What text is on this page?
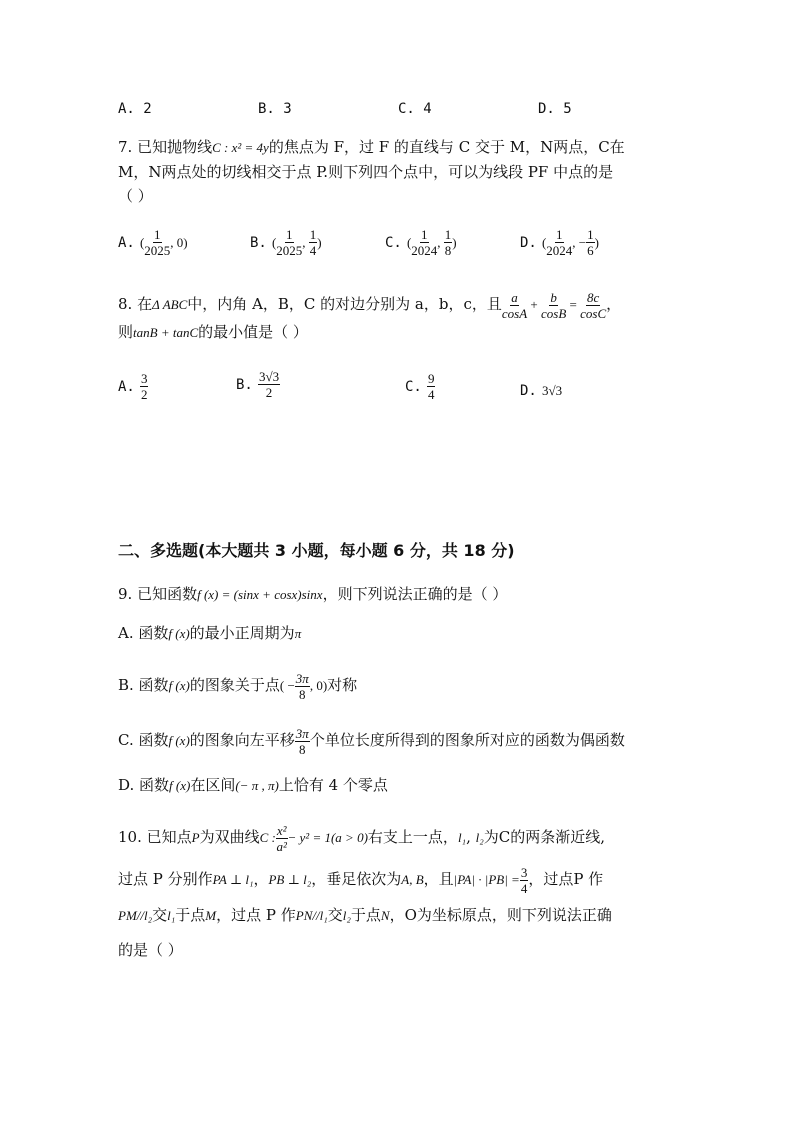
A. 2	B. 3	C. 4	D. 5
7. 已知抛物线C : x² = 4y的焦点为 F，过 F 的直线与 C 交于 M，N两点，C在
M，N两点处的切线相交于点 P.则下列四个点中，可以为线段 PF 中点的是
（ ）
A. ( $\frac{1}{2025}$ , 0)	B. ( $\frac{1}{2025}$ , $\frac{1}{4}$ )	C. ( $\frac{1}{2024}$ , $\frac{1}{8}$ )	D. ( $\frac{1}{2024}$ , − $\frac{1}{6}$ )
8. 在Δ ABC中，内角 A，B，C 的对边分别为 a，b，c，且 $\frac{a}{\cos A} + \frac{b}{\cos B} = \frac{8c}{\cos C}$ ，
则tanB + tanC的最小值是（ ）
A. $\frac{3}{2}$	B. $\frac{3√3}{2}$	C. $\frac{9}{4}$	D. 3√3
二、多选题(本大题共 3 小题，每小题 6 分，共 18 分)
9. 已知函数f (x) = (sinx + cosx)sinx，则下列说法正确的是（ ）
A. 函数f (x)的最小正周期为π
B. 函数f (x)的图象关于点( − $\frac{3\pi}{8}$ , 0)对称
C. 函数f (x)的图象向左平移 $\frac{3\pi}{8}$ 个单位长度所得到的图象所对应的函数为偶函数
D. 函数f (x)在区间(− π , π)上恰有 4 个零点
10. 已知点P为双曲线C : $\frac{\text{x²}}{\text{a²}} - y^2 = 1(a > 0)$右支上一点，l₁, l₂为C的两条渐近线,
过点 P 分别作PA ⊥ l₁，PB ⊥ l₂，垂足依次为A, B，且$|PA| \cdot |PB| = \frac{3}{4}$ ，过点P 作
PM//l₂交l₁于点M，过点 P 作PN//l₁交l₂于点N，O为坐标原点，则下列说法正确
的是（ ）
